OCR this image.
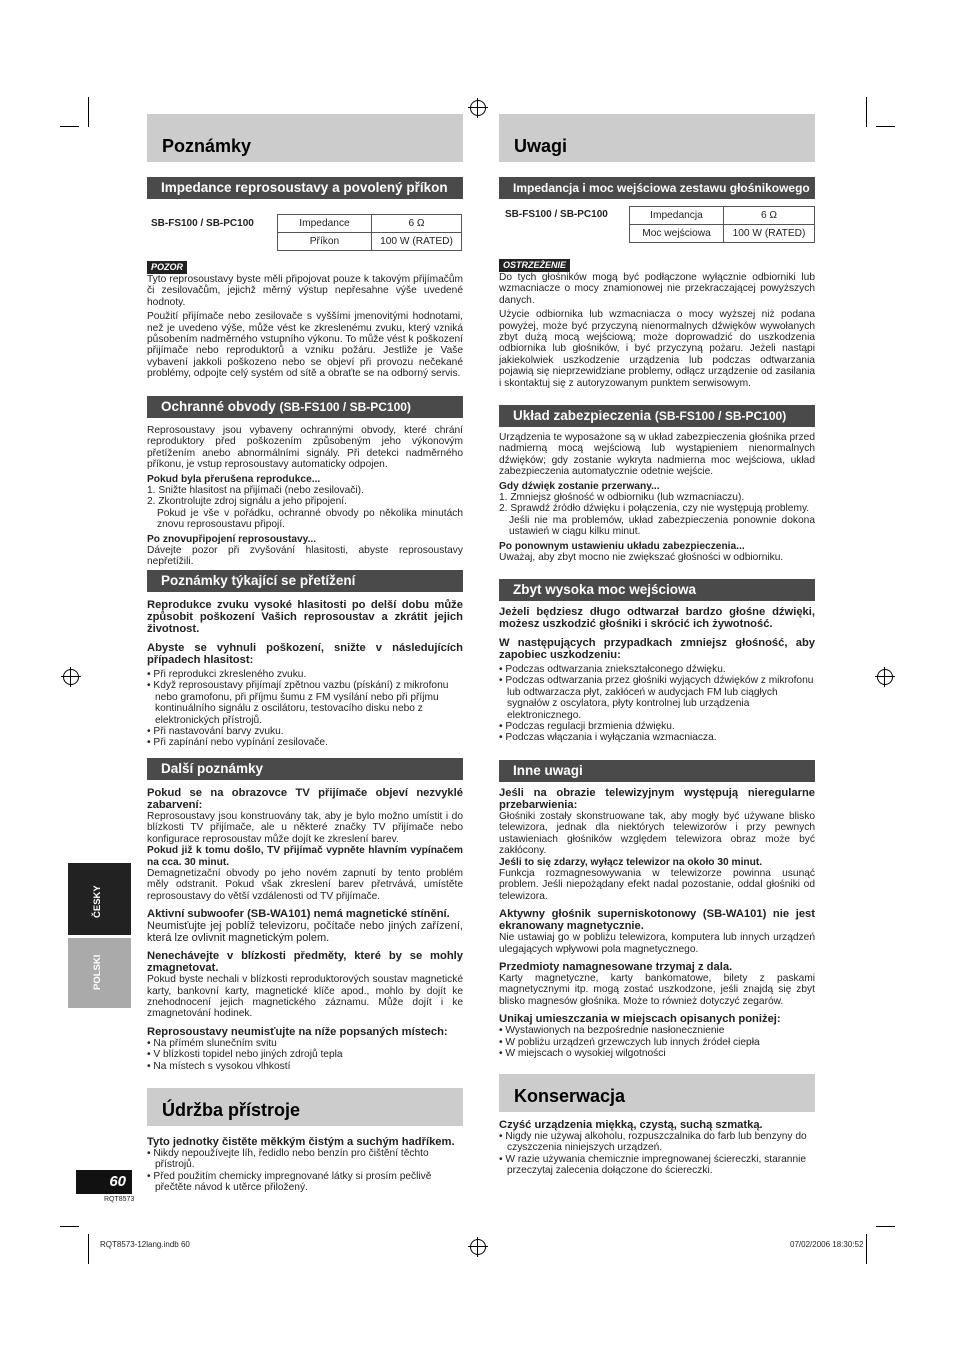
ČESKY
POLSKI
60
RQT8573
RQT8573-12lang.indb 60	07/02/2006 18:30:52
Poznámky
Impedance reprosoustavy a povolený příkon
SB-FS100 / SB-PC100	Impedance	6 Ω
Příkon	100 W (RATED)
POZOR

Tyto reprosoustavy byste měli připojovat pouze k takovým přijímačům či zesilovačům, jejichž měrný výstup nepřesahne výše uvedené hodnoty.

Použití přijímače nebo zesilovače s vyššími jmenovitými hodnotami, než je uvedeno výše, může vést ke zkreslenému zvuku, který vzniká působením nadměrného vstupního výkonu. To může vést k poškození přijímače nebo reproduktorů a vzniku požáru. Jestliže je Vaše vybavení jakkoli poškozeno nebo se objeví při provozu nečekané problémy, odpojte celý systém od sítě a obraťte se na odborný servis.

Ochranné obvody (SB-FS100 / SB-PC100)

Reprosoustavy jsou vybaveny ochrannými obvody, které chrání reproduktory před poškozením způsobeným jeho výkonovým přetížením anebo abnormálními signály. Při detekci nadměrného příkonu, je vstup reprosoustavy automaticky odpojen.

Pokud byla přerušena reprodukce...

1. Snižte hlasitost na přijímači (nebo zesilovači).
2. Zkontrolujte zdroj signálu a jeho připojení.

Pokud je vše v pořádku, ochranné obvody po několika minutách znovu reprosoustavu připojí.

Po znovupřipojení reprosoustavy...

Dávejte pozor při zvyšování hlasitosti, abyste reprosoustavy nepřetížili.

Poznámky týkající se přetížení

Reprodukce zvuku vysoké hlasitosti po delší dobu může způsobit poškození Vašich reprosoustav a zkrátit jejich životnost.

Abyste se vyhnuli poškození, snižte v následujících případech hlasitost:

• Při reprodukci zkresleného zvuku.
• Když reprosoustavy přijímají zpětnou vazbu (pískání) z mikrofonu nebo gramofonu, při příjmu šumu z FM vysílání nebo při příjmu kontinuálního signálu z oscilátoru, testovacího disku nebo z elektronických přístrojů.
• Při nastavování barvy zvuku.
• Při zapínání nebo vypínání zesilovače.
Další poznámky

Pokud se na obrazovce TV přijímače objeví nezvyklé zabarvení:

Reprosoustavy jsou konstruovány tak, aby je bylo možno umístit i do blízkosti TV přijímače, ale u některé značky TV přijímače nebo konfigurace reprosoustav může dojít ke zkreslení barev.

Pokud již k tomu došlo, TV přijímač vypněte hlavním vypínačem na cca. 30 minut.

Demagnetizační obvody po jeho novém zapnutí by tento problém měly odstranit. Pokud však zkreslení barev přetrvává, umístěte reprosoustavy do větší vzdálenosti od TV přijímače.

Aktivní subwoofer (SB-WA101) nemá magnetické stínění.

Neumisťujte jej poblíž televizoru, počítače nebo jiných zařízení, která lze ovlivnit magnetickým polem.

Nenechávejte v blízkosti předměty, které by se mohly zmagnetovat.

Pokud byste nechali v blízkosti reproduktorových soustav magnetické karty, bankovní karty, magnetické klíče apod., mohlo by dojít ke znehodnocení jejich magnetického záznamu. Může dojít i ke zmagnetování hodinek.

Reprosoustavy neumisťujte na níže popsaných místech:

• Na přímém slunečním svitu
• V blízkosti topidel nebo jiných zdrojů tepla
• Na místech s vysokou vlhkostí
Údržba přístroje

Tyto jednotky čistěte měkkým čistým a suchým hadříkem.

• Nikdy nepoužívejte líh, ředidlo nebo benzín pro čištění těchto přístrojů.
• Před použitím chemicky impregnované látky si prosím pečlivě přečtěte návod k utěrce přiložený.
Uwagi
Impedancja i moc wejściowa zestawu głośnikowego
SB-FS100 / SB-PC100	Impedancja	6 Ω
Moc wejściowa	100 W (RATED)
OSTRZEŻENIE

Do tych głośników mogą być podłączone wyłącznie odbiorniki lub wzmacniacze o mocy znamionowej nie przekraczającej powyższych danych.

Użycie odbiornika lub wzmacniacza o mocy wyższej niż podana powyżej, może być przyczyną nienormalnych dźwięków wywołanych zbyt dużą mocą wejściową; może doprowadzić do uszkodzenia odbiornika lub głośników, i być przyczyną pożaru. Jeżeli nastąpi jakiekolwiek uszkodzenie urządzenia lub podczas odtwarzania pojawią się nieprzewidziane problemy, odłącz urządzenie od zasilania i skontaktuj się z autoryzowanym punktem serwisowym.

Układ zabezpieczenia (SB-FS100 / SB-PC100)

Urządzenia te wyposażone są w układ zabezpieczenia głośnika przed nadmierną mocą wejściową lub wystąpieniem nienormalnych dźwięków; gdy zostanie wykryta nadmierna moc wejściowa, układ zabezpieczenia automatycznie odetnie wejście.

Gdy dźwięk zostanie przerwany...

1. Zmniejsz głośność w odbiorniku (lub wzmacniaczu).
2. Sprawdź źródło dźwięku i połączenia, czy nie występują problemy.

Jeśli nie ma problemów, układ zabezpieczenia ponownie dokona ustawień w ciągu kilku minut.

Po ponownym ustawieniu układu zabezpieczenia...

Uważaj, aby zbyt mocno nie zwiększać głośności w odbiorniku.

Zbyt wysoka moc wejściowa

Jeżeli będziesz długo odtwarzał bardzo głośne dźwięki, możesz uszkodzić głośniki i skrócić ich żywotność.

W następujących przypadkach zmniejsz głośność, aby zapobiec uszkodzeniu:

• Podczas odtwarzania zniekształconego dźwięku.
• Podczas odtwarzania przez głośniki wyjących dźwięków z mikrofonu lub odtwarzacza płyt, zakłóceń w audycjach FM lub ciągłych sygnałów z oscylatora, płyty kontrolnej lub urządzenia elektronicznego.
• Podczas regulacji brzmienia dźwięku.
• Podczas włączania i wyłączania wzmacniacza.
Inne uwagi

Jeśli na obrazie telewizyjnym występują nieregularne przebarwienia:

Głośniki zostały skonstruowane tak, aby mogły być używane blisko telewizora, jednak dla niektórych telewizorów i przy pewnych ustawieniach głośników względem telewizora obraz może być zakłócony.

Jeśli to się zdarzy, wyłącz telewizor na około 30 minut.

Funkcja rozmagnesowywania w telewizorze powinna usunąć problem. Jeśli niepożądany efekt nadal pozostanie, oddal głośniki od telewizora.

Aktywny głośnik superniskotonowy (SB-WA101) nie jest ekranowany magnetycznie.

Nie ustawiaj go w pobliżu telewizora, komputera lub innych urządzeń ulegających wpływowi pola magnetycznego.

Przedmioty namagnesowane trzymaj z dala.

Karty magnetyczne, karty bankomatowe, bilety z paskami magnetycznymi itp. mogą zostać uszkodzone, jeśli znajdą się zbyt blisko magnesów głośnika. Może to również dotyczyć zegarów.

Unikaj umieszczania w miejscach opisanych poniżej:

• Wystawionych na bezpośrednie nasłonecznienie
• W pobliżu urządzeń grzewczych lub innych źródeł ciepła
• W miejscach o wysokiej wilgotności
Konserwacja

Czyść urządzenia miękką, czystą, suchą szmatką.

• Nigdy nie używaj alkoholu, rozpuszczalnika do farb lub benzyny do czyszczenia niniejszych urządzeń.
• W razie używania chemicznie impregnowanej ściereczki, starannie przeczytaj zalecenia dołączone do ściereczki.
